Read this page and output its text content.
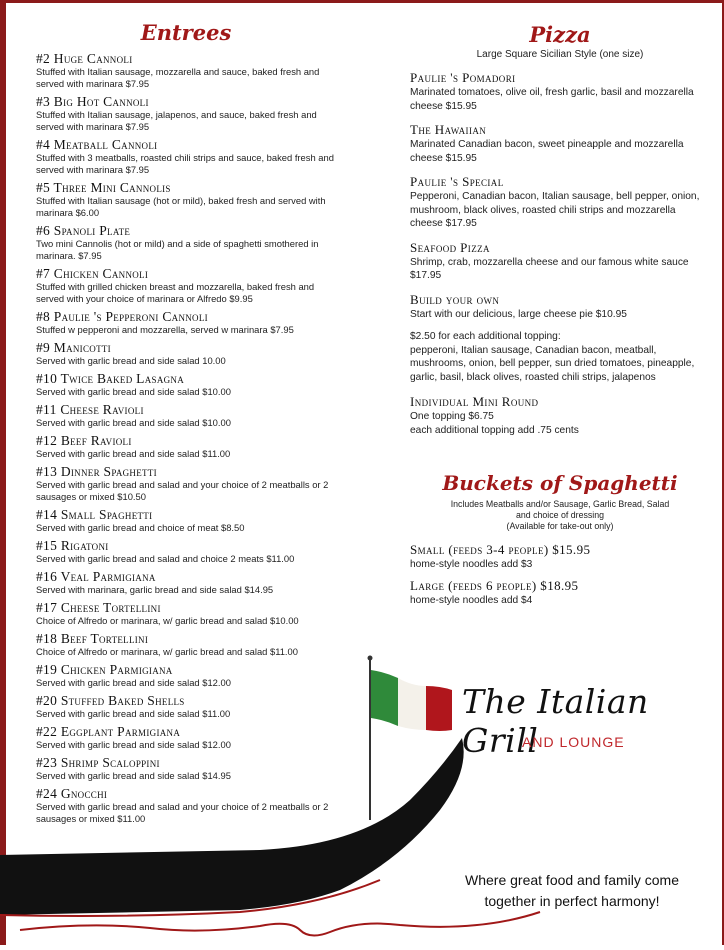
Entrees
#2 Huge Cannoli
Stuffed with Italian sausage, mozzarella and sauce, baked fresh and served with marinara $7.95
#3 Big Hot Cannoli
Stuffed with Italian sausage, jalapenos, and sauce, baked fresh and served with marinara $7.95
#4 Meatball Cannoli
Stuffed with 3 meatballs, roasted chili strips and sauce, baked fresh and served with marinara $7.95
#5 Three Mini Cannolis
Stuffed with Italian sausage (hot or mild), baked fresh and served with marinara $6.00
#6 Spanoli Plate
Two mini Cannolis (hot or mild) and a side of spaghetti smothered in marinara. $7.95
#7 Chicken Cannoli
Stuffed with grilled chicken breast and mozzarella, baked fresh and served with your choice of marinara or Alfredo $9.95
#8 Paulie 's Pepperoni Cannoli
Stuffed w pepperoni and mozzarella, served w marinara $7.95
#9 Manicotti
Served with garlic bread and side salad 10.00
#10 Twice Baked Lasagna
Served with garlic bread and side salad $10.00
#11 Cheese Ravioli
Served with garlic bread and side salad $10.00
#12 Beef Ravioli
Served with garlic bread and side salad $11.00
#13 Dinner Spaghetti
Served with garlic bread and salad and your choice of 2 meatballs or 2 sausages or mixed $10.50
#14 Small Spaghetti
Served with garlic bread and choice of meat $8.50
#15 Rigatoni
Served with garlic bread and salad and choice 2 meats $11.00
#16 Veal Parmigiana
Served with marinara, garlic bread and side salad $14.95
#17 Cheese Tortellini
Choice of Alfredo or marinara, w/ garlic bread and salad $10.00
#18 Beef Tortellini
Choice of Alfredo or marinara, w/ garlic bread and salad $11.00
#19 Chicken Parmigiana
Served with garlic bread and side salad $12.00
#20 Stuffed Baked Shells
Served with garlic bread and side salad $11.00
#22 Eggplant Parmigiana
Served with garlic bread and side salad $12.00
#23 Shrimp Scaloppini
Served with garlic bread and side salad $14.95
#24 Gnocchi
Served with garlic bread and salad and your choice of 2 meatballs or 2 sausages or mixed $11.00
Pizza
Large Square Sicilian Style (one size)
Paulie 's Pomadori
Marinated tomatoes, olive oil, fresh garlic, basil and mozzarella cheese $15.95
The Hawaiian
Marinated Canadian bacon, sweet pineapple and mozzarella cheese $15.95
Paulie 's Special
Pepperoni, Canadian bacon, Italian sausage, bell pepper, onion, mushroom, black olives, roasted chili strips and mozzarella cheese $17.95
Seafood Pizza
Shrimp, crab, mozzarella cheese and our famous white sauce $17.95
Build your own
Start with our delicious, large cheese pie $10.95
$2.50 for each additional topping:
pepperoni, Italian sausage, Canadian bacon, meatball, mushrooms, onion, bell pepper, sun dried tomatoes, pineapple, garlic, basil, black olives, roasted chili strips, jalapenos
Individual Mini Round
One topping $6.75
each additional topping add .75 cents
Buckets of Spaghetti
Includes Meatballs and/or Sausage, Garlic Bread, Salad
and choice of dressing
(Available for take-out only)
Small (feeds 3-4 people) $15.95
home-style noodles add $3
Large (feeds 6 people) $18.95
home-style noodles add $4
The Italian Grill
AND LOUNGE
Where great food and family come
together in perfect harmony!
